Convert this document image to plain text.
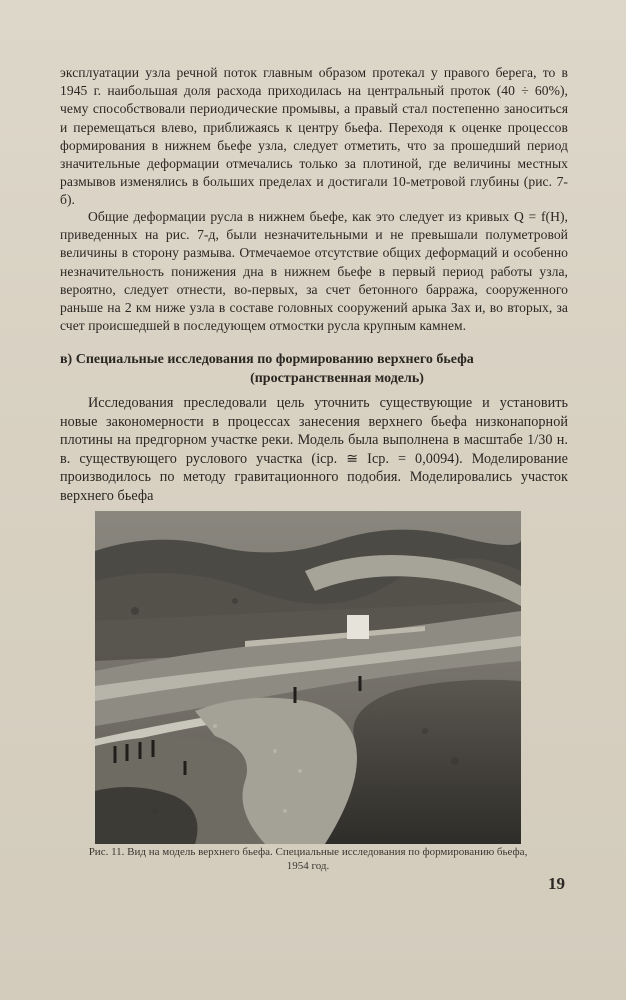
эксплуатации узла речной поток главным образом протекал у правого берега, то в 1945 г. наибольшая доля расхода приходилась на центральный проток (40 ÷ 60%), чему способствовали периодические промывы, а правый стал постепенно заноситься и перемещаться влево, приближаясь к центру бьефа. Переходя к оценке процессов формирования в нижнем бьефе узла, следует отметить, что за прошедший период значительные деформации отмечались только за плотиной, где величины местных размывов изменялись в больших пределах и достигали 10-метровой глубины (рис. 7-б).

Общие деформации русла в нижнем бьефе, как это следует из кривых Q = f(H), приведенных на рис. 7-д, были незначительными и не превышали полуметровой величины в сторону размыва. Отмечаемое отсутствие общих деформаций и особенно незначительность понижения дна в нижнем бьефе в первый период работы узла, вероятно, следует отнести, во-первых, за счет бетонного барража, сооруженного раньше на 2 км ниже узла в составе головных сооружений арыка Зах и, во вторых, за счет происшедшей в последующем отмостки русла крупным камнем.

в) Специальные исследования по формированию верхнего бьефа
(пространственная модель)

Исследования преследовали цель уточнить существующие и установить новые закономерности в процессах занесения верхнего бьефа низконапорной плотины на предгорном участке реки. Модель была выполнена в масштабе 1/30 н. в. существующего руслового участка (iср. ≅ Iср. = 0,0094). Моделирование производилось по методу гравитационного подобия. Моделировались участок верхнего бьефа

Рис. 11. Вид на модель верхнего бьефа. Специальные исследования по формированию бьефа, 1954 год.
19
